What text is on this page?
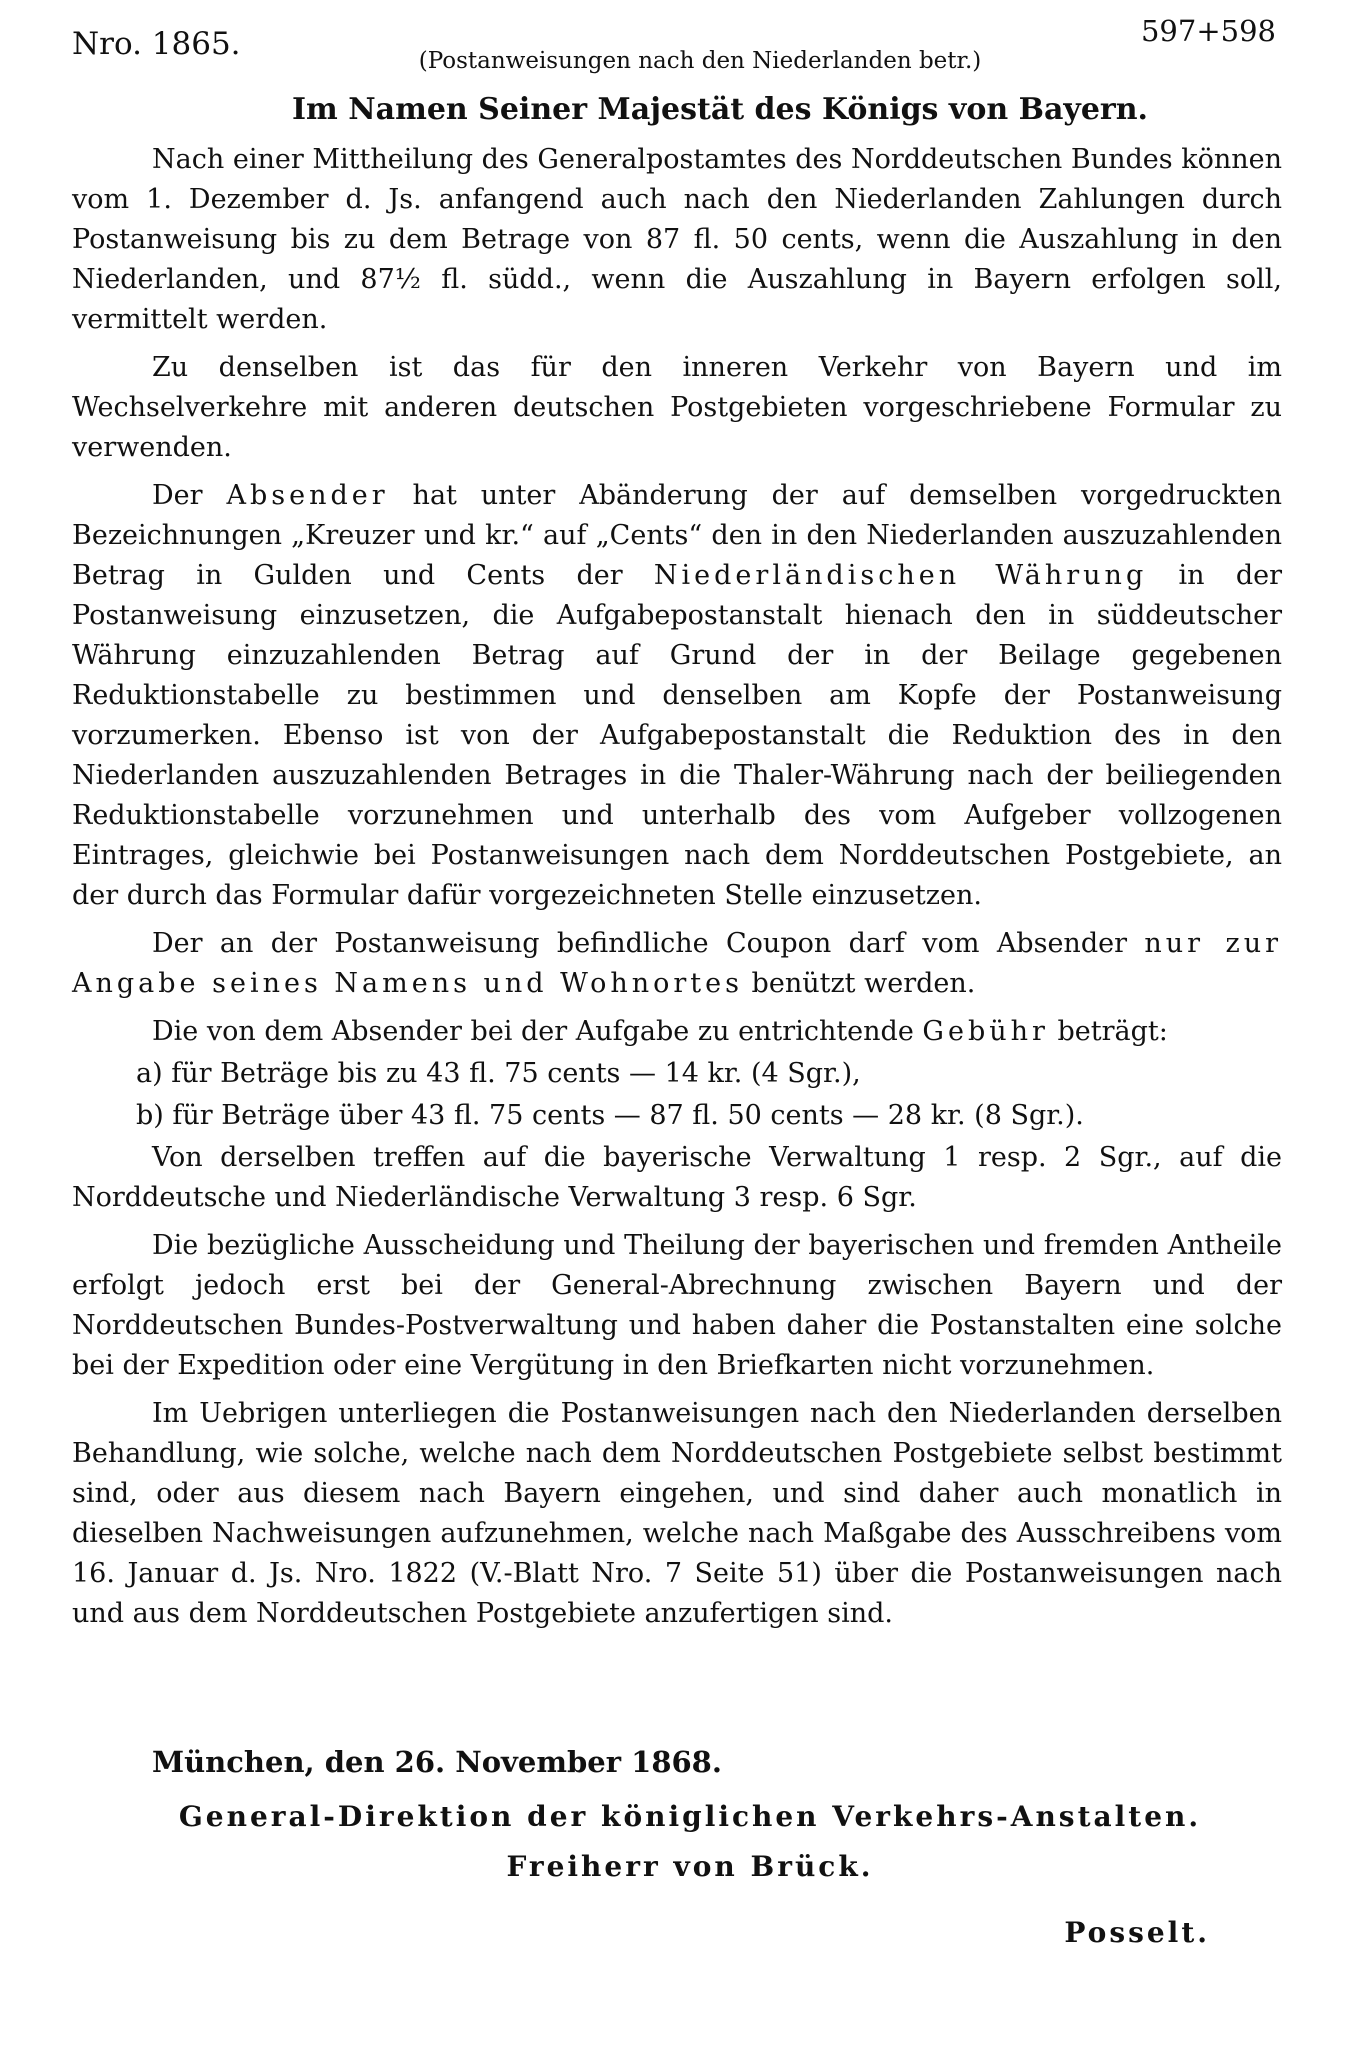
Nro. 1865.	597+598
(Postanweisungen nach den Niederlanden betr.)
Im Namen Seiner Majestät des Königs von Bayern.

Nach einer Mittheilung des Generalpostamtes des Norddeutschen Bundes können vom 1. Dezember d. Js. anfangend auch nach den Niederlanden Zahlungen durch Postanweisung bis zu dem Betrage von 87 fl. 50 cents, wenn die Auszahlung in den Niederlanden, und 87½ fl. südd., wenn die Auszahlung in Bayern erfolgen soll, vermittelt werden.

Zu denselben ist das für den inneren Verkehr von Bayern und im Wechselverkehre mit anderen deutschen Postgebieten vorgeschriebene Formular zu verwenden.

Der Absender hat unter Abänderung der auf demselben vorgedruckten Bezeichnungen „Kreuzer und kr.“ auf „Cents“ den in den Niederlanden auszuzahlenden Betrag in Gulden und Cents der Niederländischen Währung in der Postanweisung einzusetzen, die Aufgabepostanstalt hienach den in süddeutscher Währung einzuzahlenden Betrag auf Grund der in der Beilage gegebenen Reduktionstabelle zu bestimmen und denselben am Kopfe der Postanweisung vorzumerken. Ebenso ist von der Aufgabepostanstalt die Reduktion des in den Niederlanden auszuzahlenden Betrages in die Thaler-Währung nach der beiliegenden Reduktionstabelle vorzunehmen und unterhalb des vom Aufgeber vollzogenen Eintrages, gleichwie bei Postanweisungen nach dem Norddeutschen Postgebiete, an der durch das Formular dafür vorgezeichneten Stelle einzusetzen.

Der an der Postanweisung befindliche Coupon darf vom Absender nur zur Angabe seines Namens und Wohnortes benützt werden.

Die von dem Absender bei der Aufgabe zu entrichtende Gebühr beträgt:

a) für Beträge bis zu 43 fl. 75 cents — 14 kr. (4 Sgr.),

b) für Beträge über 43 fl. 75 cents — 87 fl. 50 cents — 28 kr. (8 Sgr.).

Von derselben treffen auf die bayerische Verwaltung 1 resp. 2 Sgr., auf die Norddeutsche und Niederländische Verwaltung 3 resp. 6 Sgr.

Die bezügliche Ausscheidung und Theilung der bayerischen und fremden Antheile erfolgt jedoch erst bei der General-Abrechnung zwischen Bayern und der Norddeutschen Bundes-Postverwaltung und haben daher die Postanstalten eine solche bei der Expedition oder eine Vergütung in den Briefkarten nicht vorzunehmen.

Im Uebrigen unterliegen die Postanweisungen nach den Niederlanden derselben Behandlung, wie solche, welche nach dem Norddeutschen Postgebiete selbst bestimmt sind, oder aus diesem nach Bayern eingehen, und sind daher auch monatlich in dieselben Nachweisungen aufzunehmen, welche nach Maßgabe des Ausschreibens vom 16. Januar d. Js. Nro. 1822 (V.-Blatt Nro. 7 Seite 51) über die Postanweisungen nach und aus dem Norddeutschen Postgebiete anzufertigen sind.

München, den 26. November 1868.
General-Direktion der königlichen Verkehrs-Anstalten.
Freiherr von Brück.
Posselt.
